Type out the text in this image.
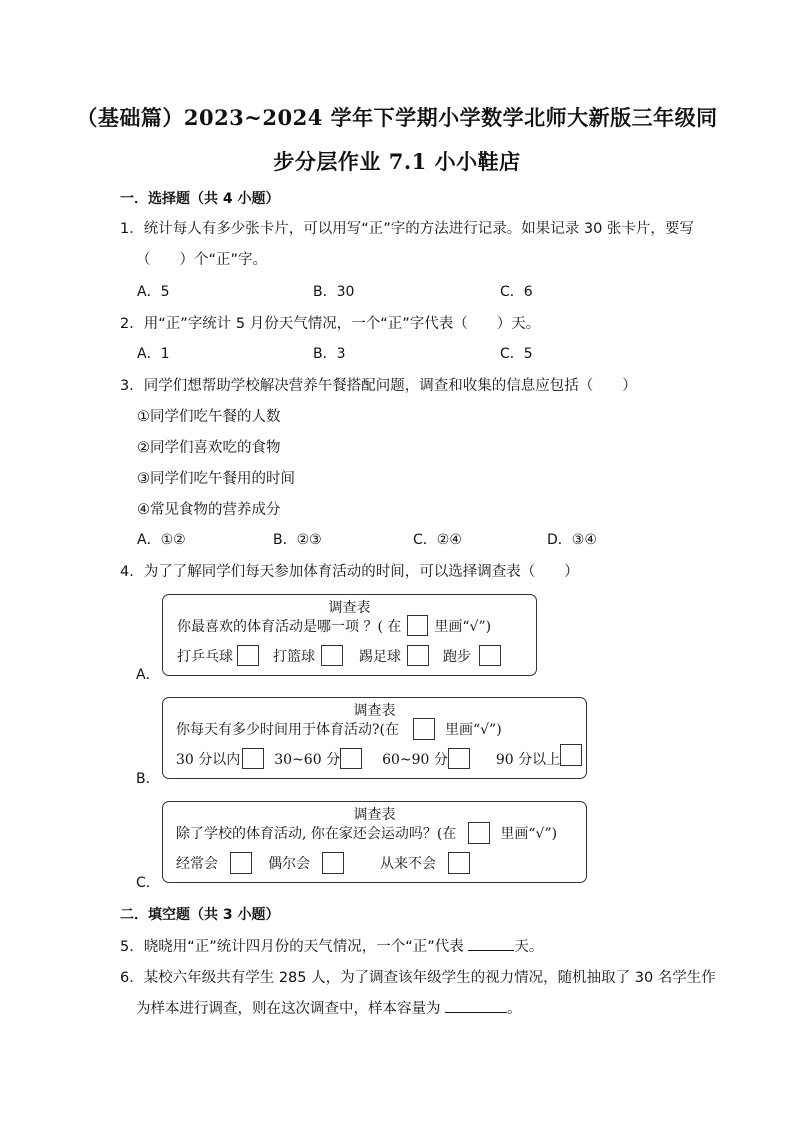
（基础篇）2023~2024 学年下学期小学数学北师大新版三年级同
步分层作业 7.1 小小鞋店
一．选择题（共 4 小题）
1．统计每人有多少张卡片，可以用写“正”字的方法进行记录。如果记录 30 张卡片，要写
（　　）个“正”字。
A．5	B．30	C．6
2．用“正”字统计 5 月份天气情况，一个“正”字代表（　　）天。
A．1	B．3	C．5
3．同学们想帮助学校解决营养午餐搭配问题，调查和收集的信息应包括（　　）
①同学们吃午餐的人数
②同学们喜欢吃的食物
③同学们吃午餐用的时间
④常见食物的营养成分
A．①②	B．②③	C．②④	D．③④
4．为了了解同学们每天参加体育活动的时间，可以选择调查表（　　）
A．
调查表
你最喜欢的体育活动是哪一项 ？( 在 里画“√”)
打乒乓球	打篮球	踢足球	跑步
B．
调查表
你每天有多少时间用于体育活动?(在	里画“√”)
30 分以内 30~60 分	60~90 分	90 分以上
C．
调查表
除了学校的体育活动, 你在家还会运动吗？(在	里画“√”)
经常会	偶尔会	从来不会
二．填空题（共 3 小题）
5．晓晓用“正”统计四月份的天气情况，一个“正”代表	天。
6．某校六年级共有学生 285 人，为了调查该年级学生的视力情况，随机抽取了 30 名学生作
为样本进行调查，则在这次调查中，样本容量为	。
